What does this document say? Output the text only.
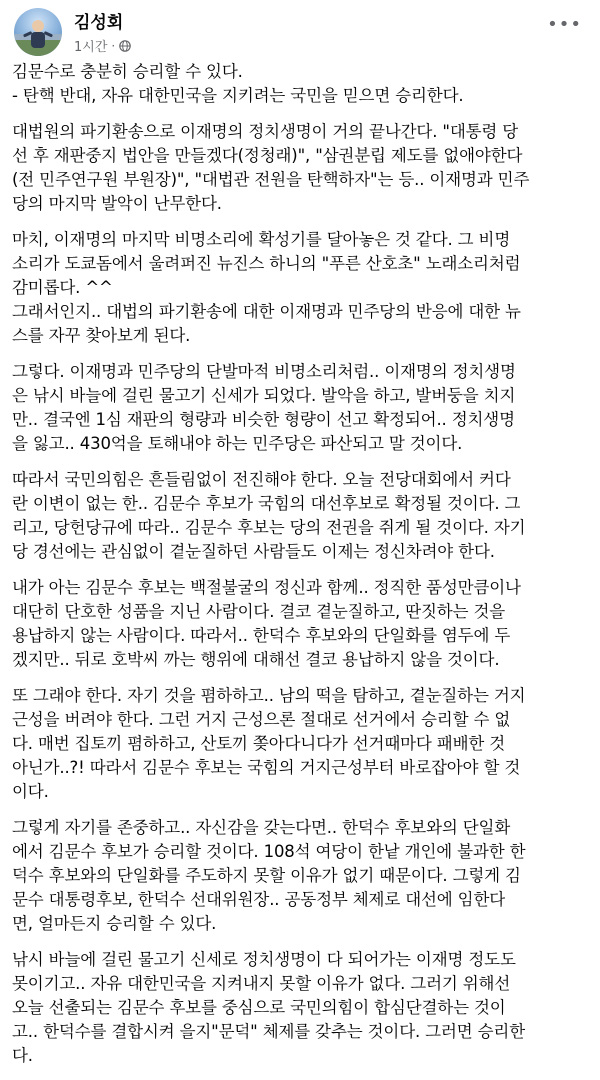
김성회
1시간 ·
•••

김문수로 충분히 승리할 수 있다.
- 탄핵 반대, 자유 대한민국을 지키려는 국민을 믿으면 승리한다.

대법원의 파기환송으로 이재명의 정치생명이 거의 끝나간다. "대통령 당
선 후 재판중지 법안을 만들겠다(정청래)", "삼권분립 제도를 없애야한다
(전 민주연구원 부원장)", "대법관 전원을 탄핵하자"는 등.. 이재명과 민주
당의 마지막 발악이 난무한다.

마치, 이재명의 마지막 비명소리에 확성기를 달아놓은 것 같다. 그 비명
소리가 도쿄돔에서 울려퍼진 뉴진스 하니의 "푸른 산호초" 노래소리처럼
감미롭다. ^^
그래서인지.. 대법의 파기환송에 대한 이재명과 민주당의 반응에 대한 뉴
스를 자꾸 찾아보게 된다.

그렇다. 이재명과 민주당의 단발마적 비명소리처럼.. 이재명의 정치생명
은 낚시 바늘에 걸린 물고기 신세가 되었다. 발악을 하고, 발버둥을 치지
만.. 결국엔 1심 재판의 형량과 비슷한 형량이 선고 확정되어.. 정치생명
을 잃고.. 430억을 토해내야 하는 민주당은 파산되고 말 것이다.

따라서 국민의힘은 흔들림없이 전진해야 한다. 오늘 전당대회에서 커다
란 이변이 없는 한.. 김문수 후보가 국힘의 대선후보로 확정될 것이다. 그
리고, 당헌당규에 따라.. 김문수 후보는 당의 전권을 쥐게 될 것이다. 자기
당 경선에는 관심없이 곁눈질하던 사람들도 이제는 정신차려야 한다.

내가 아는 김문수 후보는 백절불굴의 정신과 함께.. 정직한 품성만큼이나
대단히 단호한 성품을 지닌 사람이다. 결코 곁눈질하고, 딴짓하는 것을
용납하지 않는 사람이다. 따라서.. 한덕수 후보와의 단일화를 염두에 두
겠지만.. 뒤로 호박씨 까는 행위에 대해선 결코 용납하지 않을 것이다.

또 그래야 한다. 자기 것을 폄하하고.. 남의 떡을 탐하고, 곁눈질하는 거지
근성을 버려야 한다. 그런 거지 근성으론 절대로 선거에서 승리할 수 없
다. 매번 집토끼 폄하하고, 산토끼 쫒아다니다가 선거때마다 패배한 것
아닌가..?! 따라서 김문수 후보는 국힘의 거지근성부터 바로잡아야 할 것
이다.

그렇게 자기를 존중하고.. 자신감을 갖는다면.. 한덕수 후보와의 단일화
에서 김문수 후보가 승리할 것이다. 108석 여당이 한낱 개인에 불과한 한
덕수 후보와의 단일화를 주도하지 못할 이유가 없기 때문이다. 그렇게 김
문수 대통령후보, 한덕수 선대위원장.. 공동정부 체제로 대선에 임한다
면, 얼마든지 승리할 수 있다.

낚시 바늘에 걸린 물고기 신세로 정치생명이 다 되어가는 이재명 정도도
못이기고.. 자유 대한민국을 지켜내지 못할 이유가 없다. 그러기 위해선
오늘 선출되는 김문수 후보를 중심으로 국민의힘이 합심단결하는 것이
고.. 한덕수를 결합시켜 을지"문덕" 체제를 갖추는 것이다. 그러면 승리한
다.
